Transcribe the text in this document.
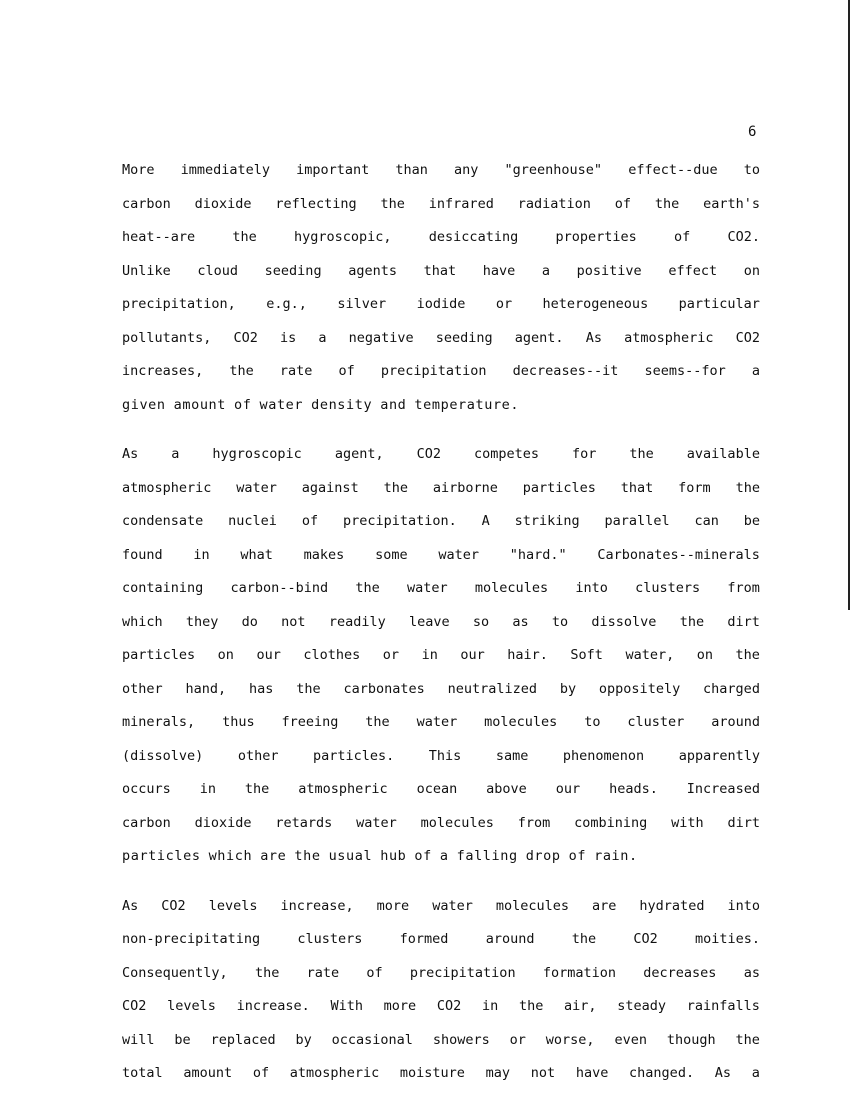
6
More immediately important than any "greenhouse" effect--due to
carbon dioxide reflecting the infrared radiation of the earth's
heat--are	the	hygroscopic,	desiccating	properties	of	CO2.
Unlike cloud seeding agents that have a positive effect on
precipitation, e.g., silver iodide or heterogeneous particular
pollutants, CO2 is a negative seeding agent. As atmospheric CO2
increases, the rate of precipitation decreases--it seems--for a
given amount of water density and temperature.
As a hygroscopic agent, CO2 competes for the available
atmospheric water against the airborne particles that form the
condensate nuclei of precipitation. A striking parallel can be
found in what makes some water "hard." Carbonates--minerals
containing carbon--bind the water molecules into clusters from
which they do not readily leave so as to dissolve the dirt
particles on our clothes or in our hair. Soft water, on the
other hand, has the carbonates neutralized by oppositely charged
minerals, thus freeing the water molecules to cluster around
(dissolve)	other	particles.	This	same	phenomenon	apparently
occurs in the atmospheric ocean above our heads. Increased
carbon dioxide retards water molecules from combining with dirt
particles which are the usual hub of a falling drop of rain.
As CO2 levels increase, more water molecules are hydrated into
non-precipitating	clusters	formed	around	the	CO2	moities.
Consequently, the rate of precipitation formation decreases as
CO2 levels increase. With more CO2 in the air, steady rainfalls
will be replaced by occasional showers or worse, even though the
total amount of atmospheric moisture may not have changed. As a
